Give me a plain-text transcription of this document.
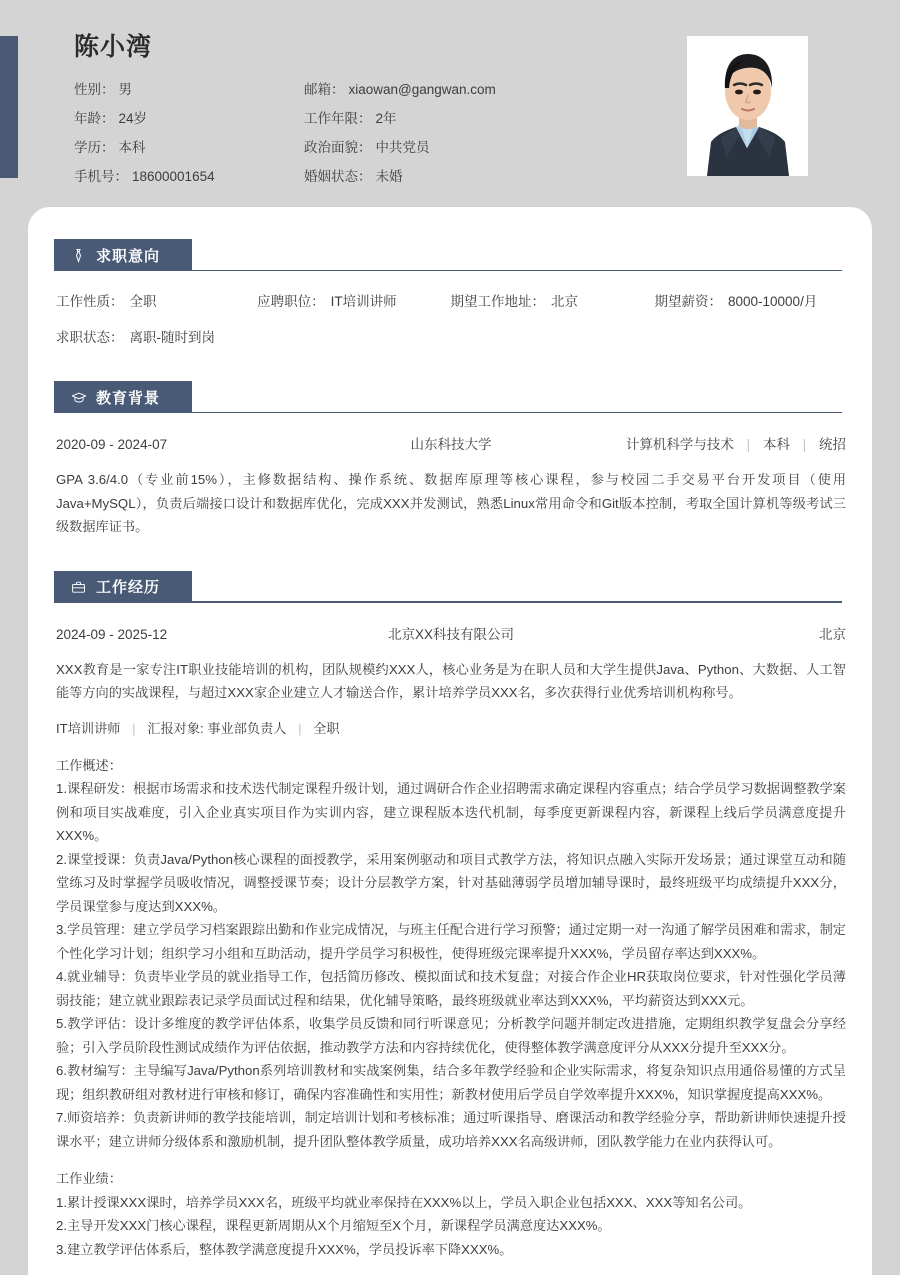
陈小湾
性别： 男	邮箱： xiaowan@gangwan.com
年龄： 24岁	工作年限： 2年
学历： 本科	政治面貌： 中共党员
手机号： 18600001654	婚姻状态： 未婚
求职意向
工作性质： 全职	应聘职位： IT培训讲师	期望工作地址： 北京	期望薪资： 8000-10000/月
求职状态： 离职-随时到岗
教育背景
2020-09 - 2024-07	山东科技大学	计算机科学与技术 | 本科 | 统招
GPA 3.6/4.0（专业前15%），主修数据结构、操作系统、数据库原理等核心课程，参与校园二手交易平台开发项目（使用Java+MySQL），负责后端接口设计和数据库优化，完成XXX并发测试，熟悉Linux常用命令和Git版本控制，考取全国计算机等级考试三级数据库证书。
工作经历
2024-09 - 2025-12	北京XX科技有限公司	北京
XXX教育是一家专注IT职业技能培训的机构，团队规模约XXX人，核心业务是为在职人员和大学生提供Java、Python、大数据、人工智能等方向的实战课程，与超过XXX家企业建立人才输送合作，累计培养学员XXX名，多次获得行业优秀培训机构称号。
IT培训讲师 | 汇报对象: 事业部负责人 | 全职
工作概述：
1.课程研发：根据市场需求和技术迭代制定课程升级计划，通过调研合作企业招聘需求确定课程内容重点；结合学员学习数据调整教学案例和项目实战难度，引入企业真实项目作为实训内容，建立课程版本迭代机制，每季度更新课程内容，新课程上线后学员满意度提升XXX%。
2.课堂授课：负责Java/Python核心课程的面授教学，采用案例驱动和项目式教学方法，将知识点融入实际开发场景；通过课堂互动和随堂练习及时掌握学员吸收情况，调整授课节奏；设计分层教学方案，针对基础薄弱学员增加辅导课时，最终班级平均成绩提升XXX分，学员课堂参与度达到XXX%。
3.学员管理：建立学员学习档案跟踪出勤和作业完成情况，与班主任配合进行学习预警；通过定期一对一沟通了解学员困难和需求，制定个性化学习计划；组织学习小组和互助活动，提升学员学习积极性，使得班级完课率提升XXX%，学员留存率达到XXX%。
4.就业辅导：负责毕业学员的就业指导工作，包括简历修改、模拟面试和技术复盘；对接合作企业HR获取岗位要求，针对性强化学员薄弱技能；建立就业跟踪表记录学员面试过程和结果，优化辅导策略，最终班级就业率达到XXX%，平均薪资达到XXX元。
5.教学评估：设计多维度的教学评估体系，收集学员反馈和同行听课意见；分析教学问题并制定改进措施，定期组织教学复盘会分享经验；引入学员阶段性测试成绩作为评估依据，推动教学方法和内容持续优化，使得整体教学满意度评分从XXX分提升至XXX分。
6.教材编写：主导编写Java/Python系列培训教材和实战案例集，结合多年教学经验和企业实际需求，将复杂知识点用通俗易懂的方式呈现；组织教研组对教材进行审核和修订，确保内容准确性和实用性；新教材使用后学员自学效率提升XXX%，知识掌握度提高XXX%。
7.师资培养：负责新讲师的教学技能培训，制定培训计划和考核标准；通过听课指导、磨课活动和教学经验分享，帮助新讲师快速提升授课水平；建立讲师分级体系和激励机制，提升团队整体教学质量，成功培养XXX名高级讲师，团队教学能力在业内获得认可。
工作业绩：
1.累计授课XXX课时，培养学员XXX名，班级平均就业率保持在XXX%以上，学员入职企业包括XXX、XXX等知名公司。
2.主导开发XXX门核心课程，课程更新周期从X个月缩短至X个月，新课程学员满意度达XXX%。
3.建立教学评估体系后，整体教学满意度提升XXX%，学员投诉率下降XXX%。
